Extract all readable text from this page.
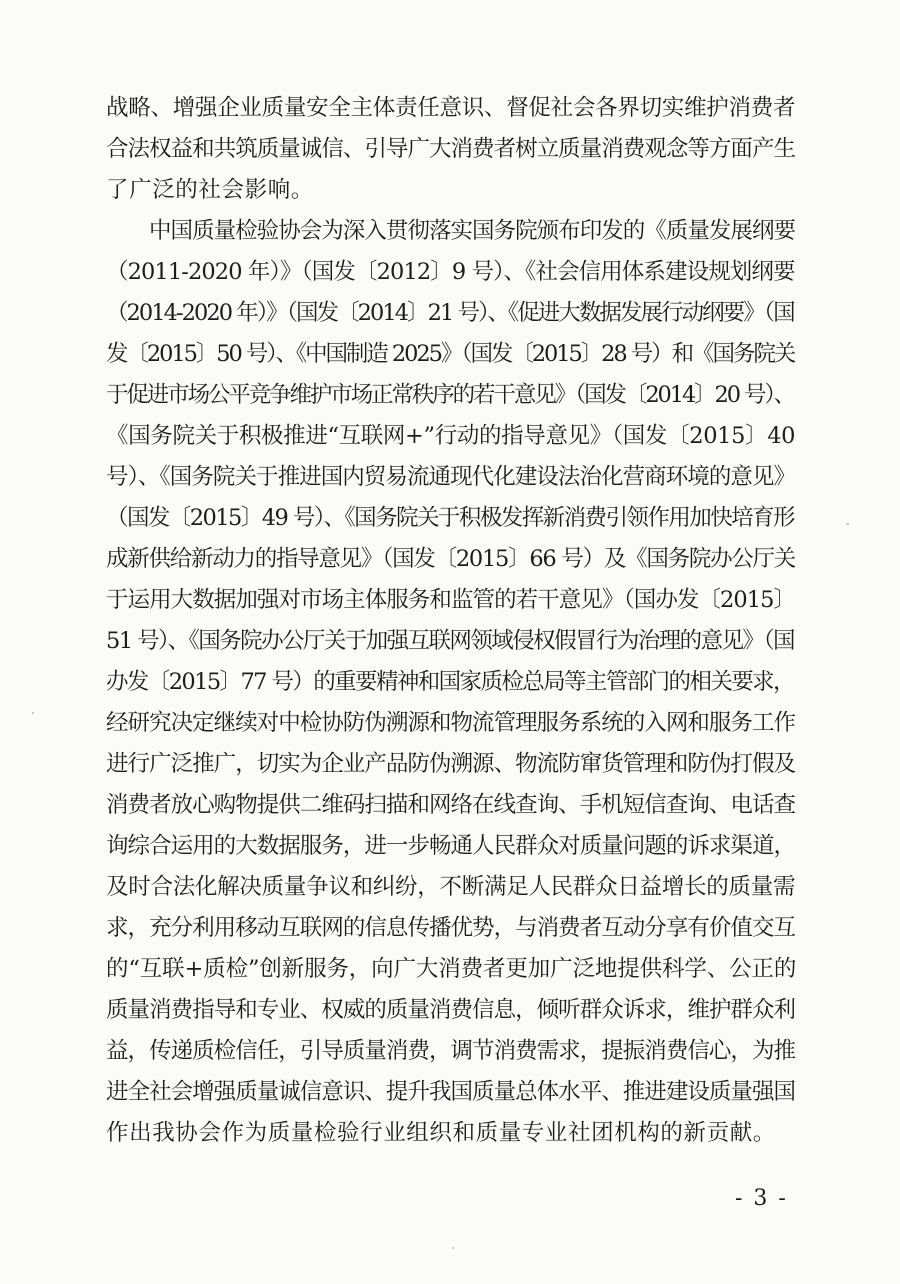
战略、增强企业质量安全主体责任意识、督促社会各界切实维护消费者
合法权益和共筑质量诚信、引导广大消费者树立质量消费观念等方面产生
了广泛的社会影响。
中国质量检验协会为深入贯彻落实国务院颁布印发的《质量发展纲要
（2011-2020 年）》（国发〔2012〕9 号）、《社会信用体系建设规划纲要
（2014-2020 年）》（国发〔2014〕21 号）、《促进大数据发展行动纲要》（国
发〔2015〕50 号）、《中国制造 2025》（国发〔2015〕28 号）和《国务院关
于促进市场公平竞争维护市场正常秩序的若干意见》（国发〔2014〕20 号）、
《国务院关于积极推进“互联网+”行动的指导意见》（国发〔2015〕40
号）、《国务院关于推进国内贸易流通现代化建设法治化营商环境的意见》
（国发〔2015〕49 号）、《国务院关于积极发挥新消费引领作用加快培育形
成新供给新动力的指导意见》（国发〔2015〕66 号）及《国务院办公厅关
于运用大数据加强对市场主体服务和监管的若干意见》（国办发〔2015〕
51 号）、《国务院办公厅关于加强互联网领域侵权假冒行为治理的意见》（国
办发〔2015〕77 号）的重要精神和国家质检总局等主管部门的相关要求，
经研究决定继续对中检协防伪溯源和物流管理服务系统的入网和服务工作
进行广泛推广，切实为企业产品防伪溯源、物流防窜货管理和防伪打假及
消费者放心购物提供二维码扫描和网络在线查询、手机短信查询、电话查
询综合运用的大数据服务，进一步畅通人民群众对质量问题的诉求渠道，
及时合法化解决质量争议和纠纷，不断满足人民群众日益增长的质量需
求，充分利用移动互联网的信息传播优势，与消费者互动分享有价值交互
的“互联+质检”创新服务，向广大消费者更加广泛地提供科学、公正的
质量消费指导和专业、权威的质量消费信息，倾听群众诉求，维护群众利
益，传递质检信任，引导质量消费，调节消费需求，提振消费信心，为推
进全社会增强质量诚信意识、提升我国质量总体水平、推进建设质量强国
作出我协会作为质量检验行业组织和质量专业社团机构的新贡献。
- 3 -
